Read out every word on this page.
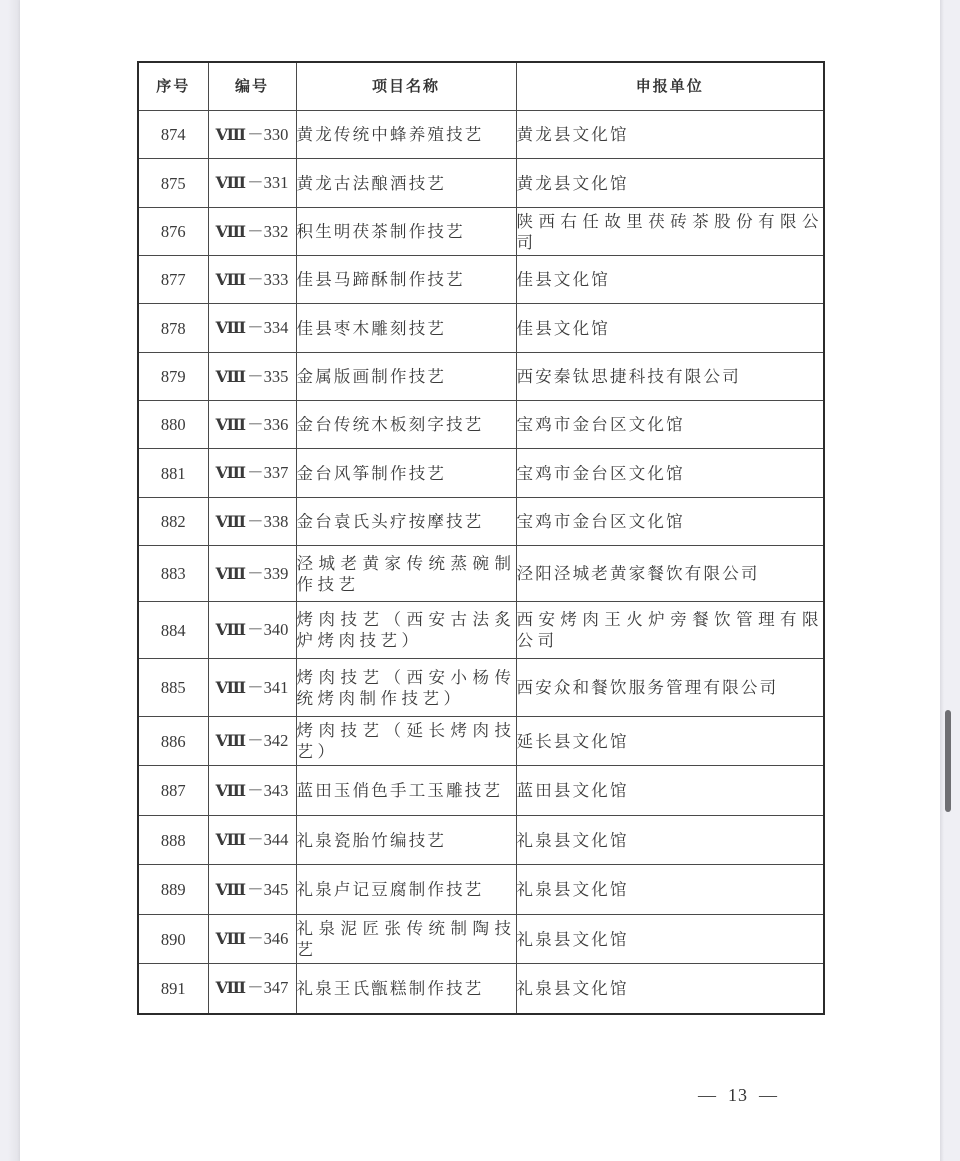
序号	编号	项目名称	申报单位
874	Ⅷ －330	黄龙传统中蜂养殖技艺	黄龙县文化馆
875	Ⅷ －331	黄龙古法酿酒技艺	黄龙县文化馆
876	Ⅷ －332	积生明茯茶制作技艺	陕西右任故里茯砖茶股份有限公司
877	Ⅷ －333	佳县马蹄酥制作技艺	佳县文化馆
878	Ⅷ －334	佳县枣木雕刻技艺	佳县文化馆
879	Ⅷ －335	金属版画制作技艺	西安秦钛思捷科技有限公司
880	Ⅷ －336	金台传统木板刻字技艺	宝鸡市金台区文化馆
881	Ⅷ －337	金台风筝制作技艺	宝鸡市金台区文化馆
882	Ⅷ －338	金台袁氏头疗按摩技艺	宝鸡市金台区文化馆
883	Ⅷ －339	泾城老黄家传统蒸碗制作技艺	泾阳泾城老黄家餐饮有限公司
884	Ⅷ －340	烤肉技艺（西安古法炙炉烤肉技艺）	西安烤肉王火炉旁餐饮管理有限公司
885	Ⅷ －341	烤肉技艺（西安小杨传统烤肉制作技艺）	西安众和餐饮服务管理有限公司
886	Ⅷ －342	烤肉技艺（延长烤肉技艺）	延长县文化馆
887	Ⅷ －343	蓝田玉俏色手工玉雕技艺	蓝田县文化馆
888	Ⅷ －344	礼泉瓷胎竹编技艺	礼泉县文化馆
889	Ⅷ －345	礼泉卢记豆腐制作技艺	礼泉县文化馆
890	Ⅷ －346	礼泉泥匠张传统制陶技艺	礼泉县文化馆
891	Ⅷ －347	礼泉王氏甑糕制作技艺	礼泉县文化馆
—  13  —
